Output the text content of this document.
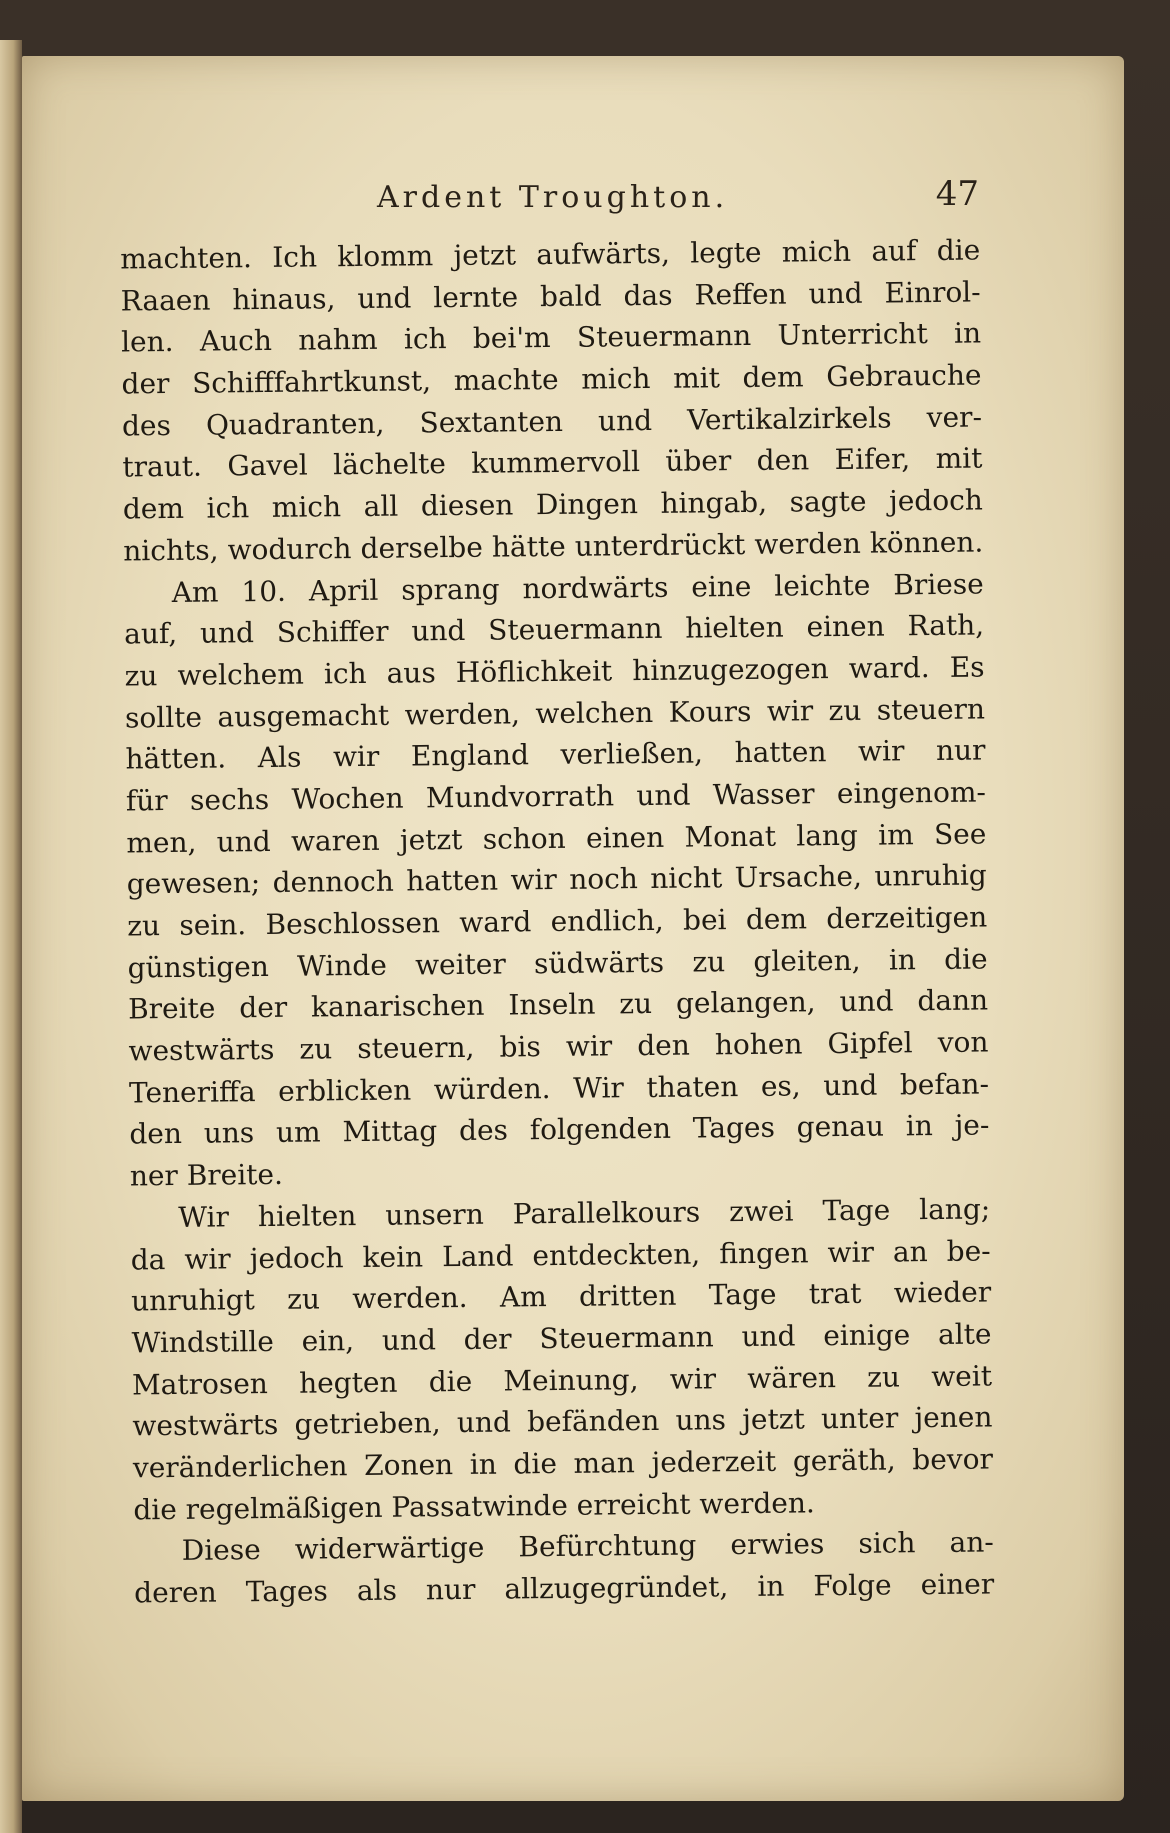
Ardent Troughton.	47
machten. Ich klomm jetzt aufwärts, legte mich auf die
Raaen hinaus, und lernte bald das Reffen und Einrol-
len. Auch nahm ich bei'm Steuermann Unterricht in
der Schifffahrtkunst, machte mich mit dem Gebrauche
des Quadranten, Sextanten und Vertikalzirkels ver-
traut. Gavel lächelte kummervoll über den Eifer, mit
dem ich mich all diesen Dingen hingab, sagte jedoch
nichts, wodurch derselbe hätte unterdrückt werden können.
Am 10. April sprang nordwärts eine leichte Briese
auf, und Schiffer und Steuermann hielten einen Rath,
zu welchem ich aus Höflichkeit hinzugezogen ward. Es
sollte ausgemacht werden, welchen Kours wir zu steuern
hätten. Als wir England verließen, hatten wir nur
für sechs Wochen Mundvorrath und Wasser eingenom-
men, und waren jetzt schon einen Monat lang im See
gewesen; dennoch hatten wir noch nicht Ursache, unruhig
zu sein. Beschlossen ward endlich, bei dem derzeitigen
günstigen Winde weiter südwärts zu gleiten, in die
Breite der kanarischen Inseln zu gelangen, und dann
westwärts zu steuern, bis wir den hohen Gipfel von
Teneriffa erblicken würden. Wir thaten es, und befan-
den uns um Mittag des folgenden Tages genau in je-
ner Breite.
Wir hielten unsern Parallelkours zwei Tage lang;
da wir jedoch kein Land entdeckten, fingen wir an be-
unruhigt zu werden. Am dritten Tage trat wieder
Windstille ein, und der Steuermann und einige alte
Matrosen hegten die Meinung, wir wären zu weit
westwärts getrieben, und befänden uns jetzt unter jenen
veränderlichen Zonen in die man jederzeit geräth, bevor
die regelmäßigen Passatwinde erreicht werden.
Diese widerwärtige Befürchtung erwies sich an-
deren Tages als nur allzugegründet, in Folge einer
